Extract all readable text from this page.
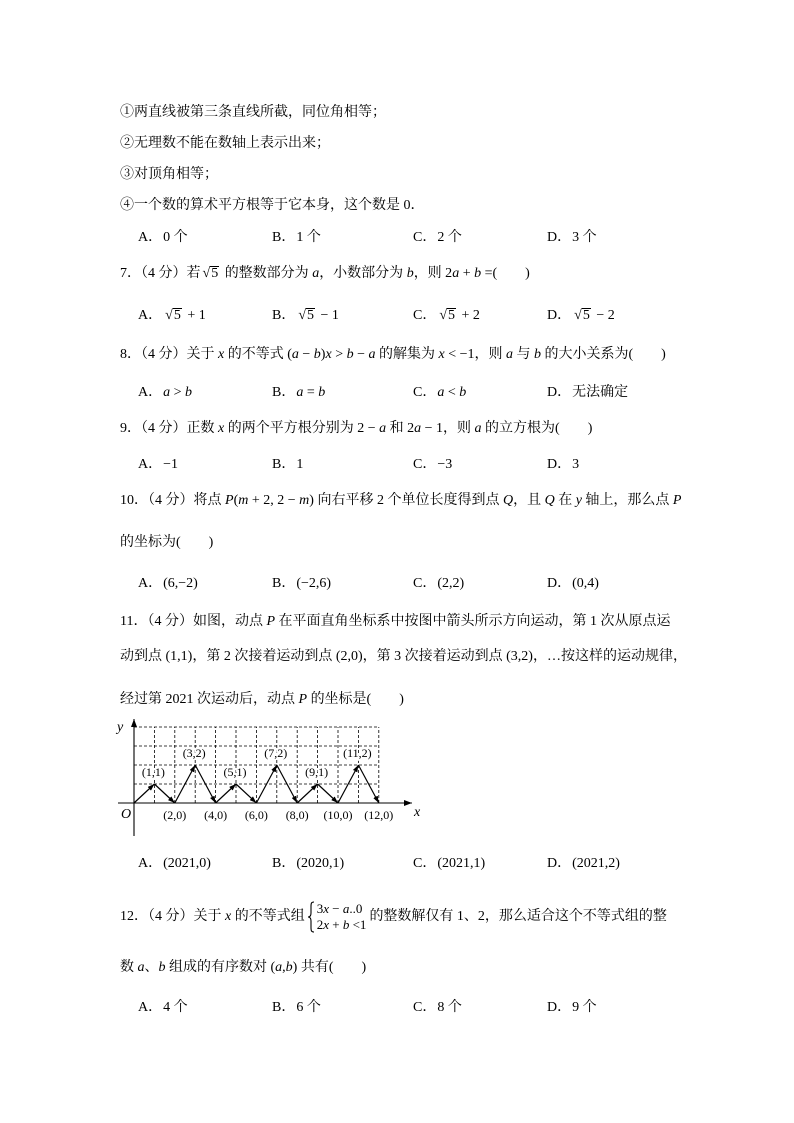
①两直线被第三条直线所截，同位角相等；
②无理数不能在数轴上表示出来；
③对顶角相等；
④一个数的算术平方根等于它本身，这个数是 0．
A．0 个	B．1 个	C．2 个	D．3 个
7．（4 分）若 √5 的整数部分为 a，小数部分为 b，则 2a + b =(　　)
A． √5 + 1	B． √5 − 1	C． √5 + 2	D． √5 − 2
8．（4 分）关于 x 的不等式 (a − b)x > b − a 的解集为 x < −1，则 a 与 b 的大小关系为(　　)
A．a > b	B．a = b	C．a < b	D．无法确定
9．（4 分）正数 x 的两个平方根分别为 2 − a 和 2a − 1，则 a 的立方根为(　　)
A．−1	B．1	C．−3	D．3
10．（4 分）将点 P(m + 2, 2 − m) 向右平移 2 个单位长度得到点 Q，且 Q 在 y 轴上，那么点 P
的坐标为(　　)
A．(6,−2)	B．(−2,6)	C．(2,2)	D．(0,4)
11．（4 分）如图，动点 P 在平面直角坐标系中按图中箭头所示方向运动，第 1 次从原点运
动到点 (1,1)，第 2 次接着运动到点 (2,0)，第 3 次接着运动到点 (3,2)，…按这样的运动规律，
经过第 2021 次运动后，动点 P 的坐标是(　　)
(1,1)
(3,2)
(5,1)
(7,2)
(9,1)
(11,2)
(2,0) (4,0) (6,0) (8,0) (10,0) (12,0)
y
x
O
A．(2021,0)	B．(2020,1)	C．(2021,1)	D．(2021,2)
12．（4 分）关于 x 的不等式组
3x − a..0
2x + b <1
的整数解仅有 1、2，那么适合这个不等式组的整
数 a、b 组成的有序数对 (a,b) 共有(　　)
A．4 个	B．6 个	C．8 个	D．9 个
